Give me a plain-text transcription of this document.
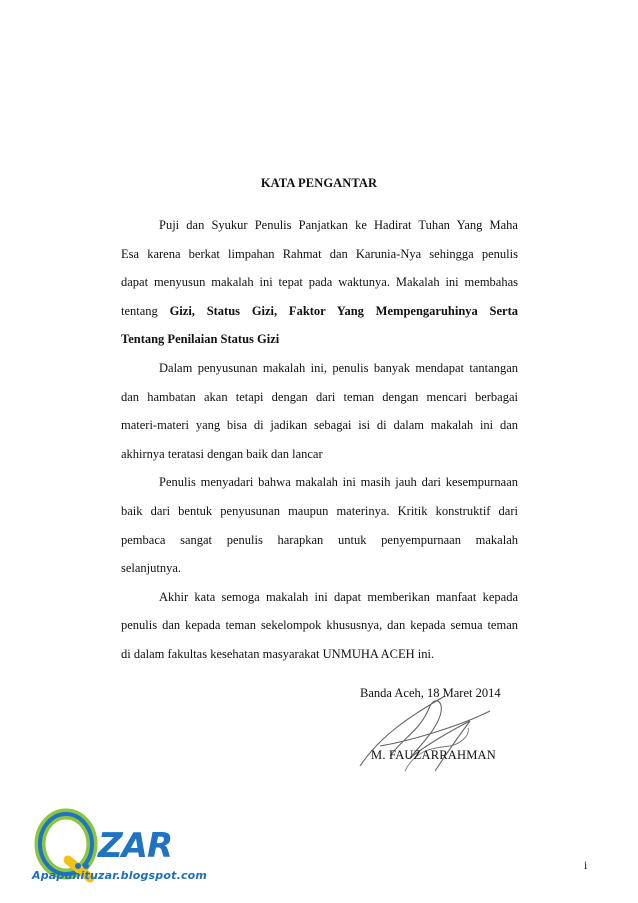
KATA PENGANTAR
Puji dan Syukur Penulis Panjatkan ke Hadirat Tuhan Yang Maha
Esa karena berkat limpahan Rahmat dan Karunia-Nya sehingga penulis
dapat menyusun makalah ini tepat pada waktunya. Makalah ini membahas
tentang Gizi, Status Gizi, Faktor Yang Mempengaruhinya Serta
Tentang Penilaian Status Gizi
Dalam penyusunan makalah ini, penulis banyak mendapat tantangan
dan hambatan akan tetapi dengan dari teman dengan mencari berbagai
materi-materi yang bisa di jadikan sebagai isi di dalam makalah ini dan
akhirnya teratasi dengan baik dan lancar
Penulis menyadari bahwa makalah ini masih jauh dari kesempurnaan
baik dari bentuk penyusunan maupun materinya. Kritik konstruktif dari
pembaca sangat penulis harapkan untuk penyempurnaan makalah
selanjutnya.
Akhir kata semoga makalah ini dapat memberikan manfaat kepada
penulis dan kepada teman sekelompok khususnya, dan kepada semua teman
di dalam fakultas kesehatan masyarakat UNMUHA ACEH ini.
Banda Aceh, 18 Maret 2014
M. FAUZARRAHMAN
i
ZAR
Apapunituzar.blogspot.com
